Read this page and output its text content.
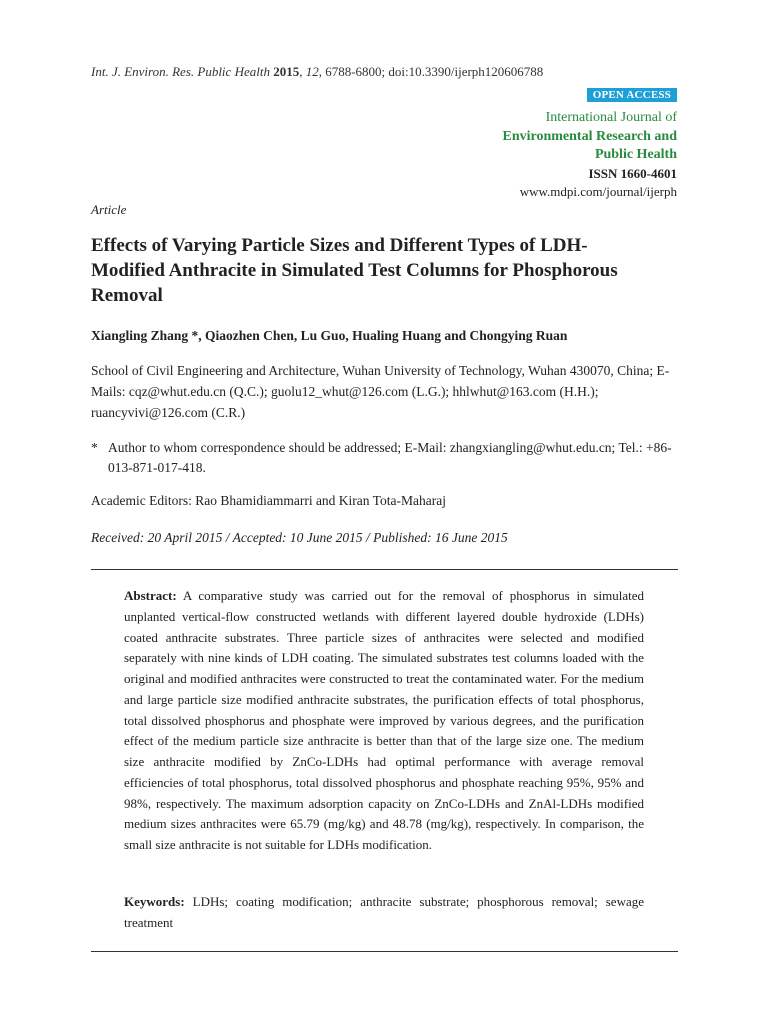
Int. J. Environ. Res. Public Health 2015, 12, 6788-6800; doi:10.3390/ijerph120606788
OPEN ACCESS
International Journal of
Environmental Research and
Public Health
ISSN 1660-4601
www.mdpi.com/journal/ijerph
Article
Effects of Varying Particle Sizes and Different Types of LDH-Modified Anthracite in Simulated Test Columns for Phosphorous Removal
Xiangling Zhang *, Qiaozhen Chen, Lu Guo, Hualing Huang and Chongying Ruan
School of Civil Engineering and Architecture, Wuhan University of Technology, Wuhan 430070, China; E-Mails: cqz@whut.edu.cn (Q.C.); guolu12_whut@126.com (L.G.); hhlwhut@163.com (H.H.); ruancyvivi@126.com (C.R.)
* Author to whom correspondence should be addressed; E-Mail: zhangxiangling@whut.edu.cn; Tel.: +86-013-871-017-418.
Academic Editors: Rao Bhamidiammarri and Kiran Tota-Maharaj
Received: 20 April 2015 / Accepted: 10 June 2015 / Published: 16 June 2015
Abstract: A comparative study was carried out for the removal of phosphorus in simulated unplanted vertical-flow constructed wetlands with different layered double hydroxide (LDHs) coated anthracite substrates. Three particle sizes of anthracites were selected and modified separately with nine kinds of LDH coating. The simulated substrates test columns loaded with the original and modified anthracites were constructed to treat the contaminated water. For the medium and large particle size modified anthracite substrates, the purification effects of total phosphorus, total dissolved phosphorus and phosphate were improved by various degrees, and the purification effect of the medium particle size anthracite is better than that of the large size one. The medium size anthracite modified by ZnCo-LDHs had optimal performance with average removal efficiencies of total phosphorus, total dissolved phosphorus and phosphate reaching 95%, 95% and 98%, respectively. The maximum adsorption capacity on ZnCo-LDHs and ZnAl-LDHs modified medium sizes anthracites were 65.79 (mg/kg) and 48.78 (mg/kg), respectively. In comparison, the small size anthracite is not suitable for LDHs modification.
Keywords: LDHs; coating modification; anthracite substrate; phosphorous removal; sewage treatment
